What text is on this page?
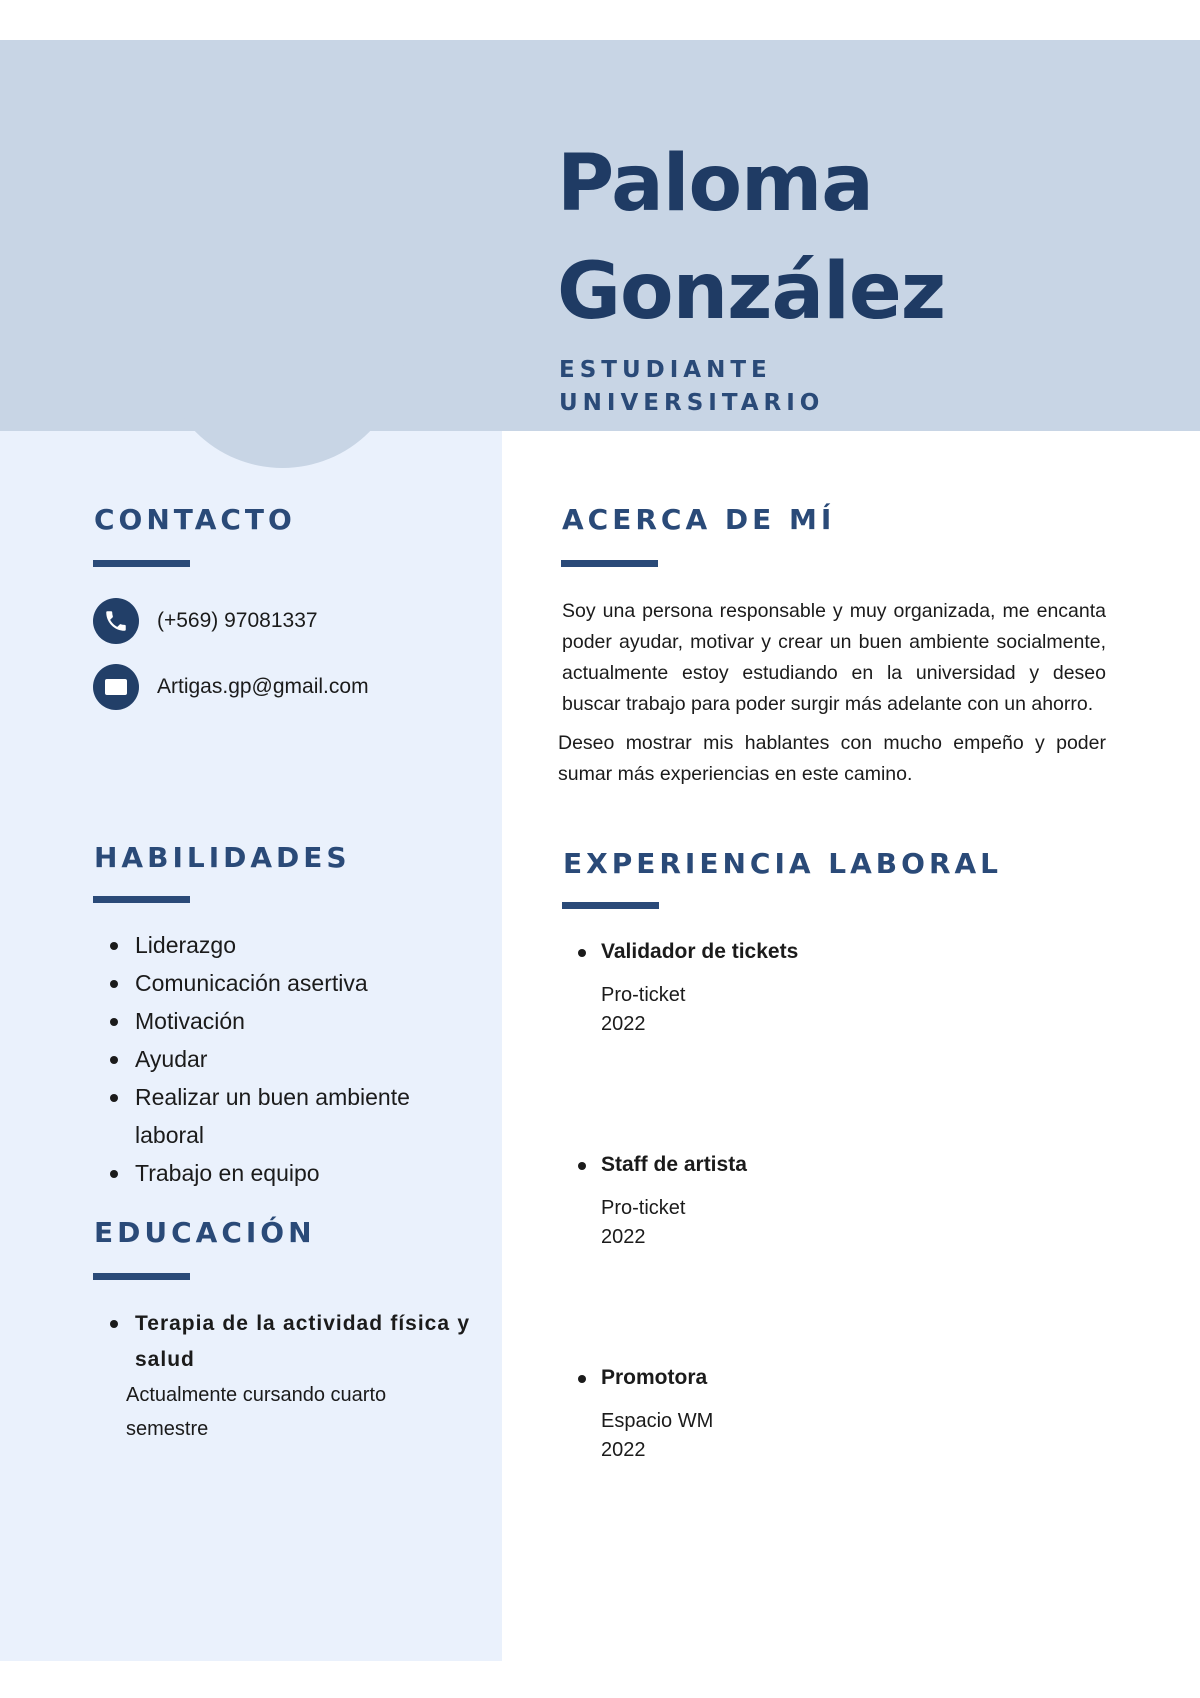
Paloma
González
ESTUDIANTE
UNIVERSITARIO
CONTACTO
(+569) 97081337
Artigas.gp@gmail.com
HABILIDADES
Liderazgo
Comunicación asertiva
Motivación
Ayudar
Realizar un buen ambiente laboral
Trabajo en equipo
EDUCACIÓN
Terapia de la actividad física y salud
Actualmente cursando cuarto semestre
ACERCA DE MÍ

Soy una persona responsable y muy organizada, me encanta poder ayudar, motivar y crear un buen ambiente socialmente, actualmente estoy estudiando en la universidad y deseo buscar trabajo para poder surgir más adelante con un ahorro.

Deseo mostrar mis hablantes con mucho empeño y poder sumar más experiencias en este camino.

EXPERIENCIA LABORAL
Validador de tickets
Pro-ticket
2022
Staff de artista
Pro-ticket
2022
Promotora
Espacio WM
2022
